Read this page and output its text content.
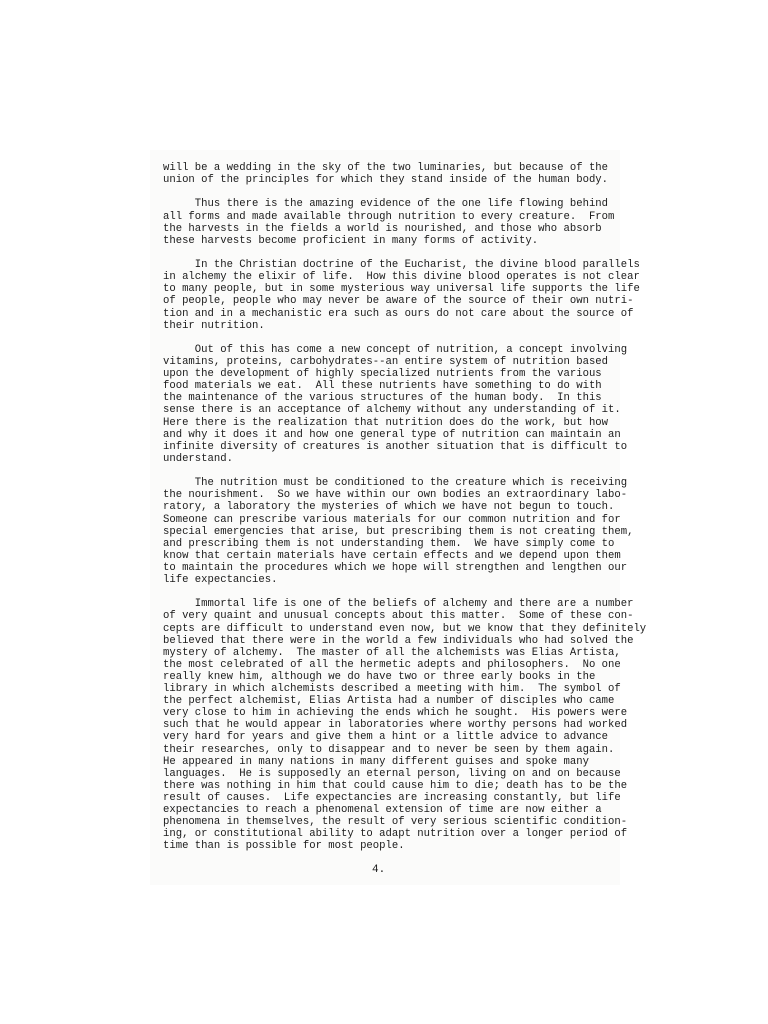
will be a wedding in the sky of the two luminaries, but because of the
union of the principles for which they stand inside of the human body.
Thus there is the amazing evidence of the one life flowing behind
all forms and made available through nutrition to every creature.  From
the harvests in the fields a world is nourished, and those who absorb
these harvests become proficient in many forms of activity.
In the Christian doctrine of the Eucharist, the divine blood parallels
in alchemy the elixir of life.  How this divine blood operates is not clear
to many people, but in some mysterious way universal life supports the life
of people, people who may never be aware of the source of their own nutri-
tion and in a mechanistic era such as ours do not care about the source of
their nutrition.
Out of this has come a new concept of nutrition, a concept involving
vitamins, proteins, carbohydrates--an entire system of nutrition based
upon the development of highly specialized nutrients from the various
food materials we eat.  All these nutrients have something to do with
the maintenance of the various structures of the human body.  In this
sense there is an acceptance of alchemy without any understanding of it.
Here there is the realization that nutrition does do the work, but how
and why it does it and how one general type of nutrition can maintain an
infinite diversity of creatures is another situation that is difficult to
understand.
The nutrition must be conditioned to the creature which is receiving
the nourishment.  So we have within our own bodies an extraordinary labo-
ratory, a laboratory the mysteries of which we have not begun to touch.
Someone can prescribe various materials for our common nutrition and for
special emergencies that arise, but prescribing them is not creating them,
and prescribing them is not understanding them.  We have simply come to
know that certain materials have certain effects and we depend upon them
to maintain the procedures which we hope will strengthen and lengthen our
life expectancies.
Immortal life is one of the beliefs of alchemy and there are a number
of very quaint and unusual concepts about this matter.  Some of these con-
cepts are difficult to understand even now, but we know that they definitely
believed that there were in the world a few individuals who had solved the
mystery of alchemy.  The master of all the alchemists was Elias Artista,
the most celebrated of all the hermetic adepts and philosophers.  No one
really knew him, although we do have two or three early books in the
library in which alchemists described a meeting with him.  The symbol of
the perfect alchemist, Elias Artista had a number of disciples who came
very close to him in achieving the ends which he sought.  His powers were
such that he would appear in laboratories where worthy persons had worked
very hard for years and give them a hint or a little advice to advance
their researches, only to disappear and to never be seen by them again.
He appeared in many nations in many different guises and spoke many
languages.  He is supposedly an eternal person, living on and on because
there was nothing in him that could cause him to die; death has to be the
result of causes.  Life expectancies are increasing constantly, but life
expectancies to reach a phenomenal extension of time are now either a
phenomena in themselves, the result of very serious scientific condition-
ing, or constitutional ability to adapt nutrition over a longer period of
time than is possible for most people.
4.
